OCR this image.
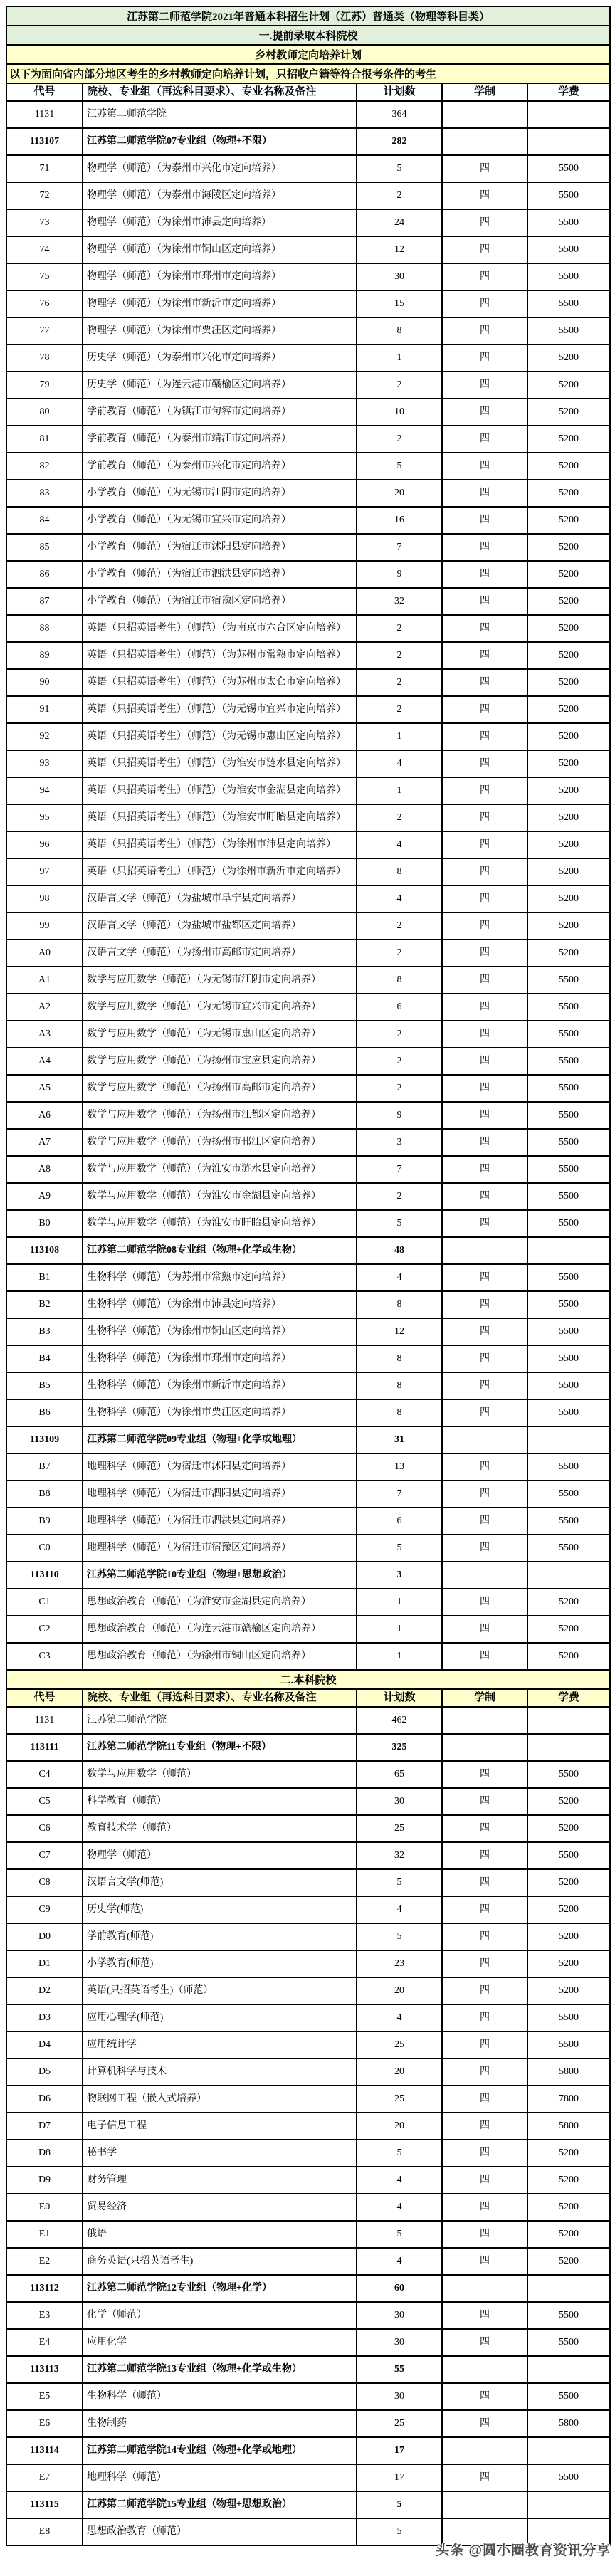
江苏第二师范学院2021年普通本科招生计划（江苏）普通类（物理等科目类）
一.提前录取本科院校
乡村教师定向培养计划
以下为面向省内部分地区考生的乡村教师定向培养计划，只招收户籍等符合报考条件的考生
代号	院校、专业组（再选科目要求）、专业名称及备注	计划数	学制	学费
1131	江苏第二师范学院	364
113107	江苏第二师范学院07专业组（物理+不限）	282
71	物理学（师范）（为泰州市兴化市定向培养）	5	四	5500
72	物理学（师范）（为泰州市海陵区定向培养）	2	四	5500
73	物理学（师范）（为徐州市沛县定向培养）	24	四	5500
74	物理学（师范）（为徐州市铜山区定向培养）	12	四	5500
75	物理学（师范）（为徐州市邳州市定向培养）	30	四	5500
76	物理学（师范）（为徐州市新沂市定向培养）	15	四	5500
77	物理学（师范）（为徐州市贾汪区定向培养）	8	四	5500
78	历史学（师范）（为泰州市兴化市定向培养）	1	四	5200
79	历史学（师范）（为连云港市赣榆区定向培养）	2	四	5200
80	学前教育（师范）（为镇江市句容市定向培养）	10	四	5200
81	学前教育（师范）（为泰州市靖江市定向培养）	2	四	5200
82	学前教育（师范）（为泰州市兴化市定向培养）	5	四	5200
83	小学教育（师范）（为无锡市江阴市定向培养）	20	四	5200
84	小学教育（师范）（为无锡市宜兴市定向培养）	16	四	5200
85	小学教育（师范）（为宿迁市沭阳县定向培养）	7	四	5200
86	小学教育（师范）（为宿迁市泗洪县定向培养）	9	四	5200
87	小学教育（师范）（为宿迁市宿豫区定向培养）	32	四	5200
88	英语（只招英语考生）（师范）（为南京市六合区定向培养）	2	四	5200
89	英语（只招英语考生）（师范）（为苏州市常熟市定向培养）	2	四	5200
90	英语（只招英语考生）（师范）（为苏州市太仓市定向培养）	2	四	5200
91	英语（只招英语考生）（师范）（为无锡市宜兴市定向培养）	2	四	5200
92	英语（只招英语考生）（师范）（为无锡市惠山区定向培养）	1	四	5200
93	英语（只招英语考生）（师范）（为淮安市涟水县定向培养）	4	四	5200
94	英语（只招英语考生）（师范）（为淮安市金湖县定向培养）	1	四	5200
95	英语（只招英语考生）（师范）（为淮安市盱眙县定向培养）	2	四	5200
96	英语（只招英语考生）（师范）（为徐州市沛县定向培养）	4	四	5200
97	英语（只招英语考生）（师范）（为徐州市新沂市定向培养）	8	四	5200
98	汉语言文学（师范）（为盐城市阜宁县定向培养）	4	四	5200
99	汉语言文学（师范）（为盐城市盐都区定向培养）	2	四	5200
A0	汉语言文学（师范）（为扬州市高邮市定向培养）	2	四	5200
A1	数学与应用数学（师范）（为无锡市江阴市定向培养）	8	四	5500
A2	数学与应用数学（师范）（为无锡市宜兴市定向培养）	6	四	5500
A3	数学与应用数学（师范）（为无锡市惠山区定向培养）	2	四	5500
A4	数学与应用数学（师范）（为扬州市宝应县定向培养）	2	四	5500
A5	数学与应用数学（师范）（为扬州市高邮市定向培养）	2	四	5500
A6	数学与应用数学（师范）（为扬州市江都区定向培养）	9	四	5500
A7	数学与应用数学（师范）（为扬州市邗江区定向培养）	3	四	5500
A8	数学与应用数学（师范）（为淮安市涟水县定向培养）	7	四	5500
A9	数学与应用数学（师范）（为淮安市金湖县定向培养）	2	四	5500
B0	数学与应用数学（师范）（为淮安市盱眙县定向培养）	5	四	5500
113108	江苏第二师范学院08专业组（物理+化学或生物）	48
B1	生物科学（师范）（为苏州市常熟市定向培养）	4	四	5500
B2	生物科学（师范）（为徐州市沛县定向培养）	8	四	5500
B3	生物科学（师范）（为徐州市铜山区定向培养）	12	四	5500
B4	生物科学（师范）（为徐州市邳州市定向培养）	8	四	5500
B5	生物科学（师范）（为徐州市新沂市定向培养）	8	四	5500
B6	生物科学（师范）（为徐州市贾汪区定向培养）	8	四	5500
113109	江苏第二师范学院09专业组（物理+化学或地理）	31
B7	地理科学（师范）（为宿迁市沭阳县定向培养）	13	四	5500
B8	地理科学（师范）（为宿迁市泗阳县定向培养）	7	四	5500
B9	地理科学（师范）（为宿迁市泗洪县定向培养）	6	四	5500
C0	地理科学（师范）（为宿迁市宿豫区定向培养）	5	四	5500
113110	江苏第二师范学院10专业组（物理+思想政治）	3
C1	思想政治教育（师范）（为淮安市金湖县定向培养）	1	四	5200
C2	思想政治教育（师范）（为连云港市赣榆区定向培养）	1	四	5200
C3	思想政治教育（师范）（为徐州市铜山区定向培养）	1	四	5200
二.本科院校
代号	院校、专业组（再选科目要求）、专业名称及备注	计划数	学制	学费
1131	江苏第二师范学院	462
113111	江苏第二师范学院11专业组（物理+不限）	325
C4	数学与应用数学（师范）	65	四	5500
C5	科学教育（师范）	30	四	5200
C6	教育技术学（师范）	25	四	5200
C7	物理学（师范）	32	四	5500
C8	汉语言文学(师范)	5	四	5200
C9	历史学(师范)	4	四	5200
D0	学前教育(师范)	5	四	5200
D1	小学教育(师范)	23	四	5200
D2	英语(只招英语考生)（师范）	20	四	5200
D3	应用心理学(师范)	4	四	5500
D4	应用统计学	25	四	5500
D5	计算机科学与技术	20	四	5800
D6	物联网工程（嵌入式培养）	25	四	7800
D7	电子信息工程	20	四	5800
D8	秘书学	5	四	5200
D9	财务管理	4	四	5200
E0	贸易经济	4	四	5200
E1	俄语	5	四	5200
E2	商务英语(只招英语考生)	4	四	5200
113112	江苏第二师范学院12专业组（物理+化学）	60
E3	化学（师范）	30	四	5500
E4	应用化学	30	四	5500
113113	江苏第二师范学院13专业组（物理+化学或生物）	55
E5	生物科学（师范）	30	四	5500
E6	生物制药	25	四	5800
113114	江苏第二师范学院14专业组（物理+化学或地理）	17
E7	地理科学（师范）	17	四	5500
113115	江苏第二师范学院15专业组（物理+思想政治）	5
E8	思想政治教育（师范）	5
头条 @圆小圈教育资讯分享
